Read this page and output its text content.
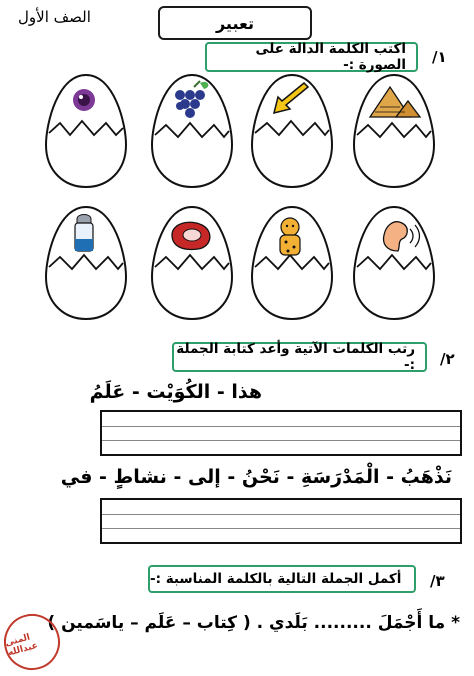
الصف الأول	تعبير
/١
اكتب الكلمة الدالة على الصورة :-
/٢
رتب الكلمات الآتية وأعد كتابة الجملة :-
هذا - الكُوَيْت - عَلَمُ
نَذْهَبُ - الْمَدْرَسَةِ - نَحْنُ - إلى - نشاطٍ - في
/٣
أكمل الجملة التالية بالكلمة المناسبة :-
* ما أَجْمَلَ ......... بَلَدي . ( كِتاب – عَلَم – ياسَمين )
المنى عبدالله
